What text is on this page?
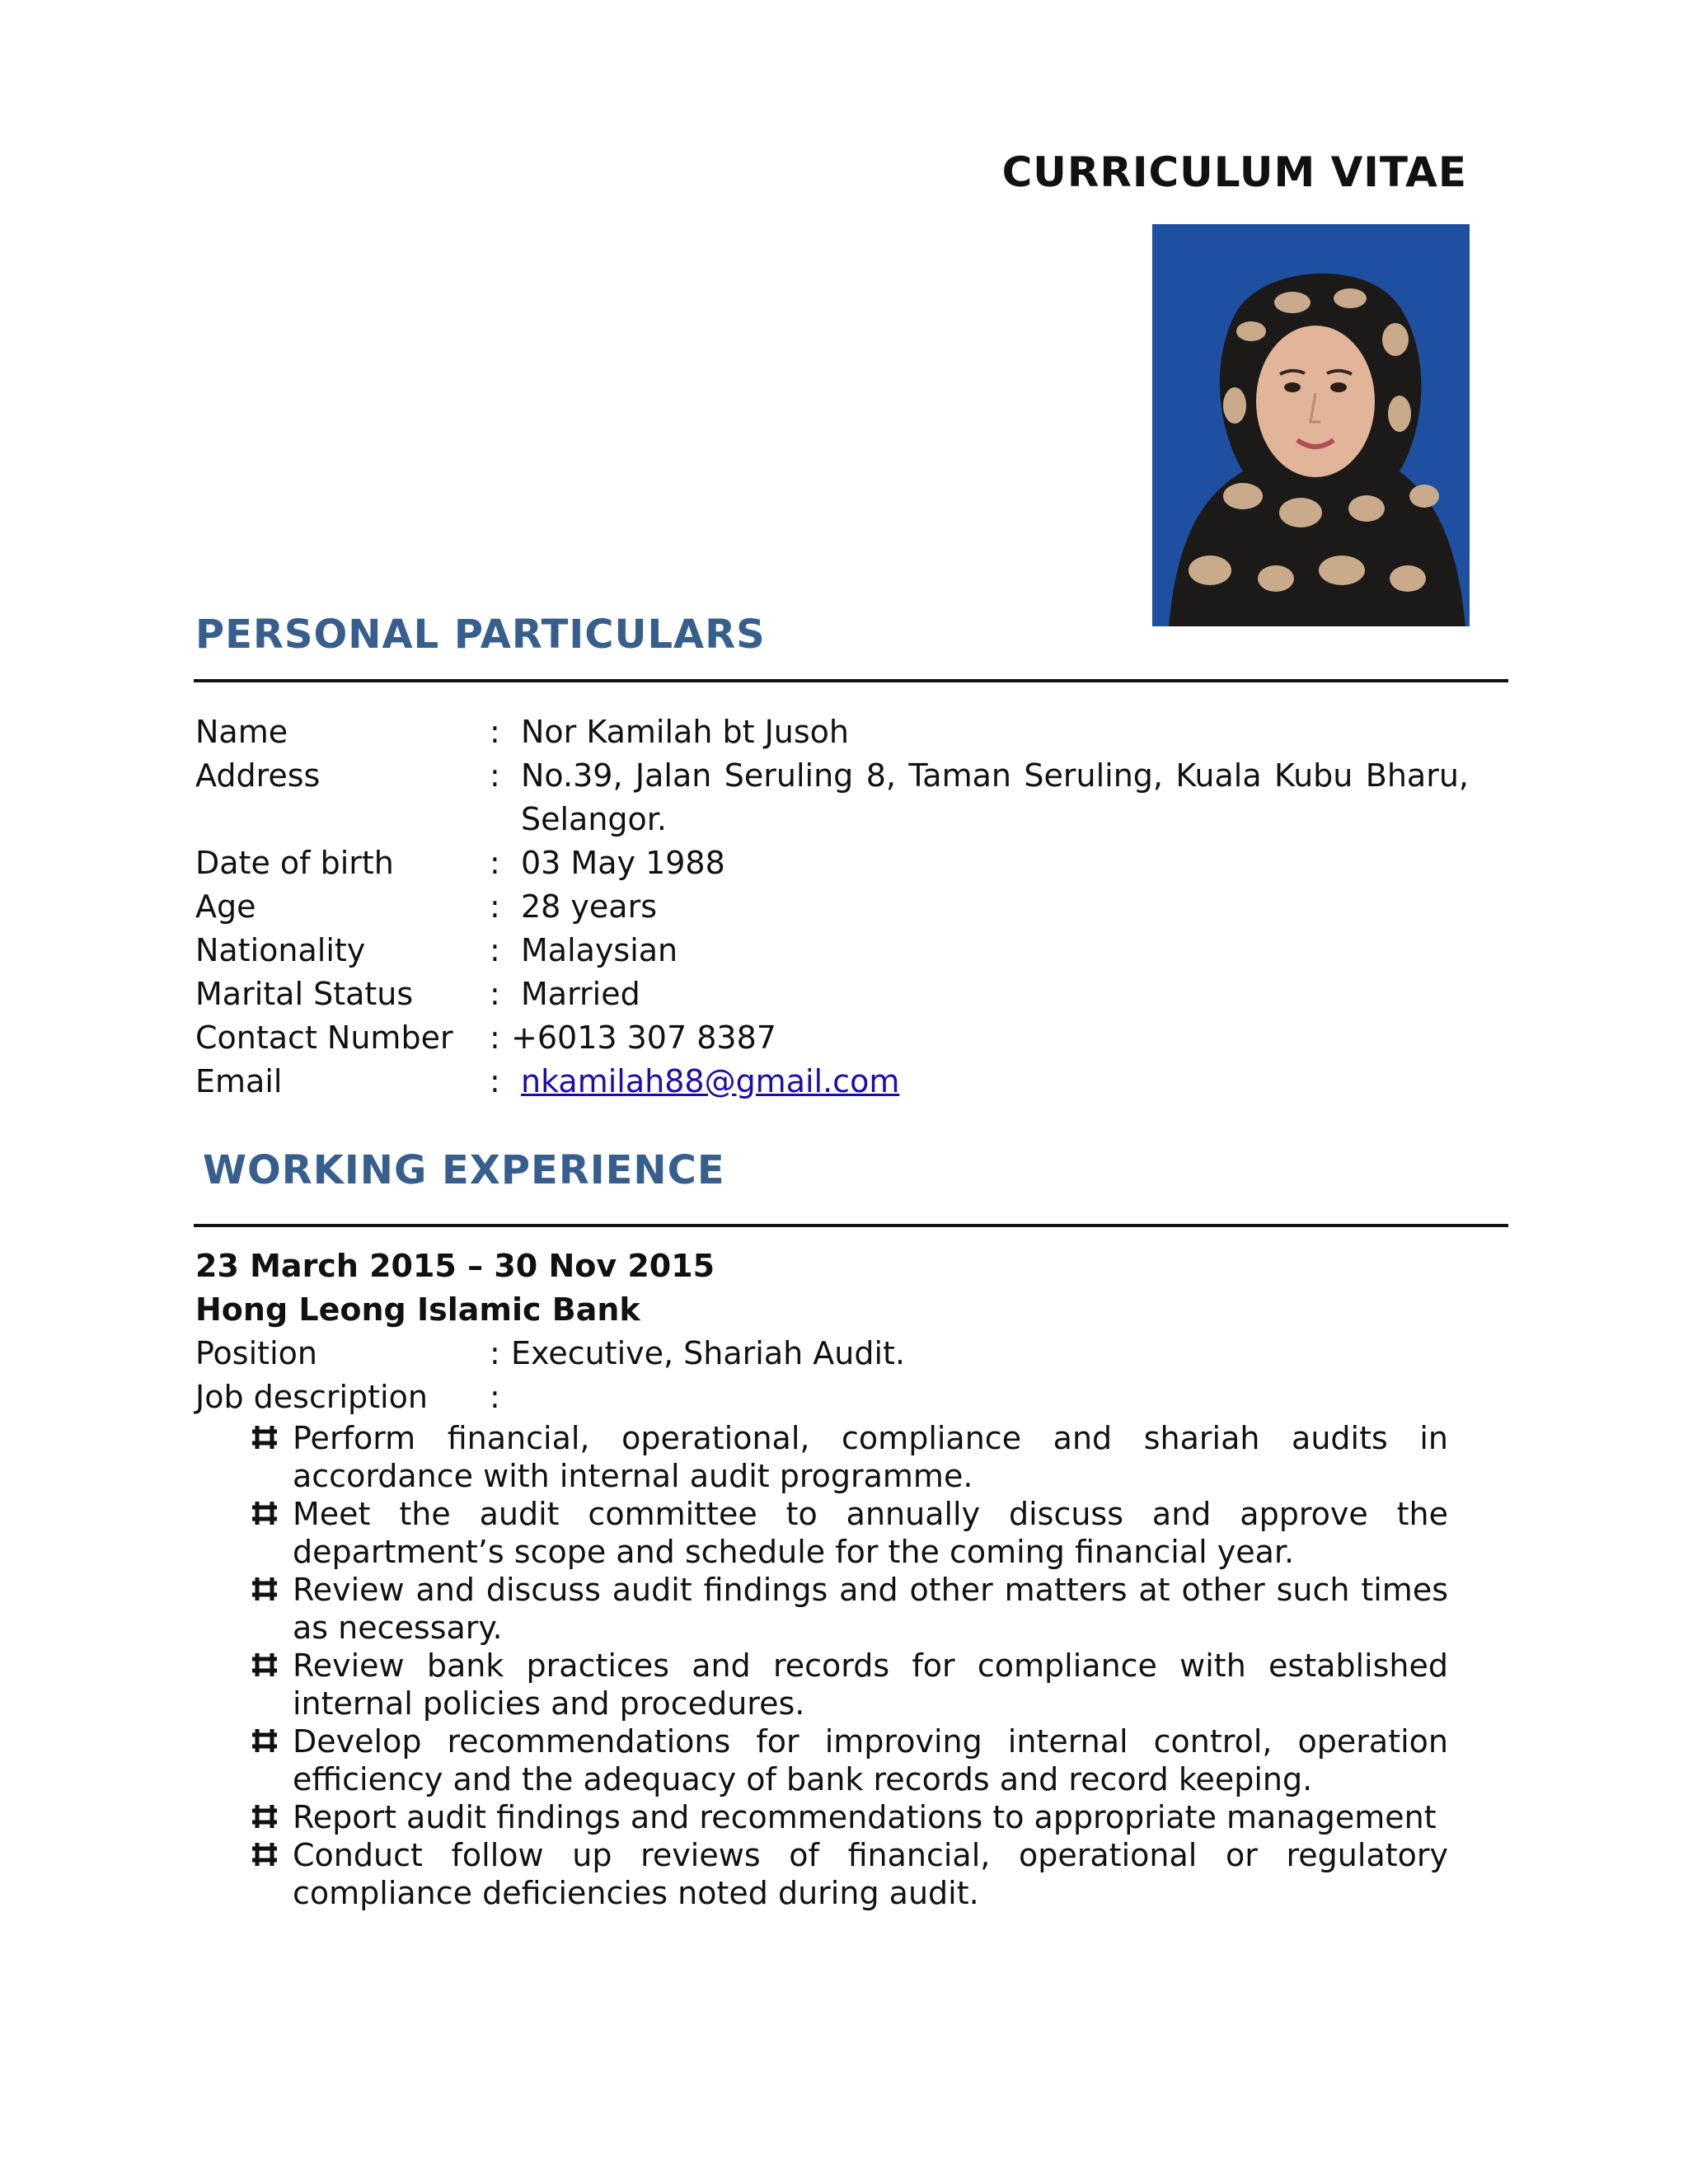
CURRICULUM VITAE
PERSONAL PARTICULARS
Name	: Nor Kamilah bt Jusoh
Address	: No.39, Jalan Seruling 8, Taman Seruling, Kuala Kubu Bharu, Selangor.
Date of birth	: 03 May 1988
Age	: 28 years
Nationality	: Malaysian
Marital Status	: Married
Contact Number	: +6013 307 8387
Email	: nkamilah88@gmail.com
WORKING EXPERIENCE
23 March 2015 – 30 Nov 2015
Hong Leong Islamic Bank
Position	: Executive, Shariah Audit.
Job description	:
Perform financial, operational, compliance and shariah audits in accordance with internal audit programme.
Meet the audit committee to annually discuss and approve the department’s scope and schedule for the coming financial year.
Review and discuss audit findings and other matters at other such times as necessary.
Review bank practices and records for compliance with established internal policies and procedures.
Develop recommendations for improving internal control, operation efficiency and the adequacy of bank records and record keeping.
Report audit findings and recommendations to appropriate management
Conduct follow up reviews of financial, operational or regulatory compliance deficiencies noted during audit.
